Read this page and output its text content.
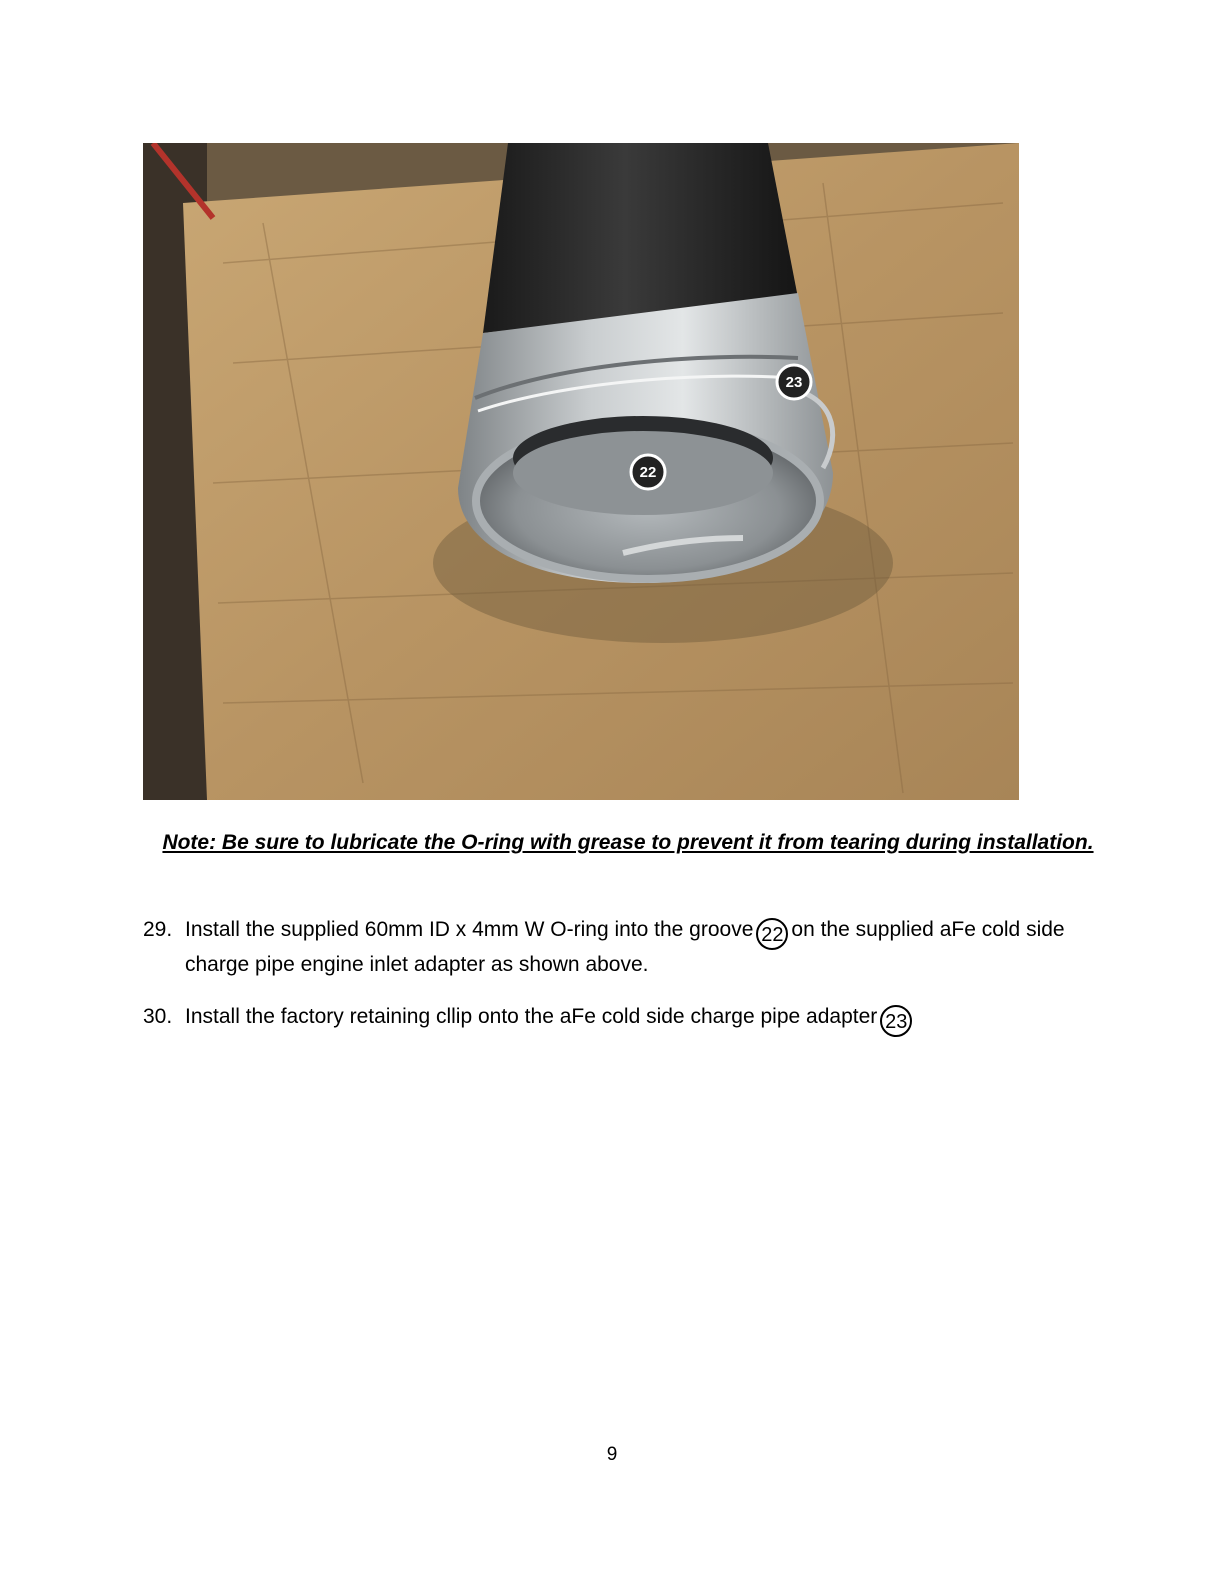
23
22
Note: Be sure to lubricate the O-ring with grease to prevent it from tearing during installation.
29. Install the supplied 60mm ID x 4mm W O-ring into the groove 22 on the supplied aFe cold side charge pipe engine inlet adapter as shown above.
30. Install the factory retaining cllip onto the aFe cold side charge pipe adapter 23
9
